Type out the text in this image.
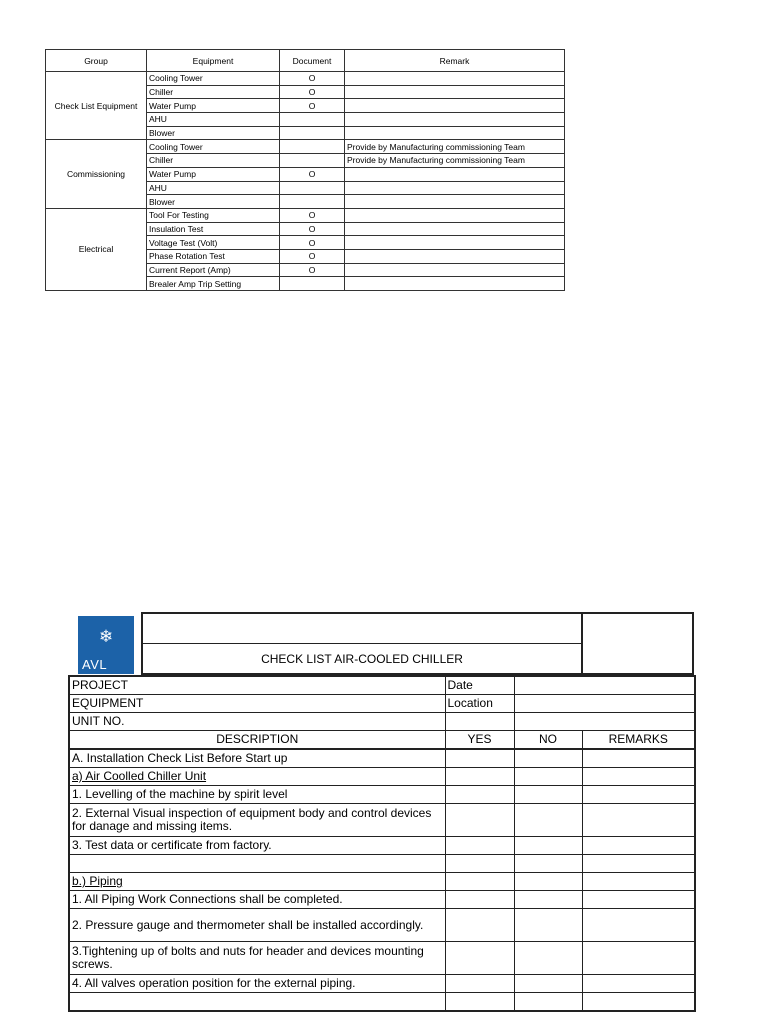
Group	Equipment	Document	Remark
Check List Equipment	Cooling Tower	O	
	Chiller	O	
	Water Pump	O	
	AHU		
	Blower		
Commissioning	Cooling Tower		Provide by Manufacturing commissioning Team
	Chiller		Provide by Manufacturing commissioning Team
	Water Pump	O	
	AHU		
	Blower		
Electrical	Tool For Testing	O	
	Insulation Test	O	
	Voltage Test (Volt)	O	
	Phase Rotation Test	O	
	Current Report (Amp)	O	
	Brealer Amp Trip Setting		
❄
AVL	CHECK LIST AIR-COOLED CHILLER
PROJECT	Date		
EQUIPMENT	Location		
UNIT NO.			
DESCRIPTION	YES	NO	REMARKS
A. Installation Check List Before Start up			
a) Air Coolled Chiller Unit			
1. Levelling of the machine by spirit level			
2. External Visual inspection of equipment body and control devices for danage and missing items.			
3. Test data or certificate from factory.			

b.) Piping			
1. All Piping Work Connections shall be completed.			
2. Pressure gauge and thermometer shall be installed accordingly.			
3.Tightening up of bolts and nuts for header and devices mounting screws.			
4. All valves operation position for the external piping.			
